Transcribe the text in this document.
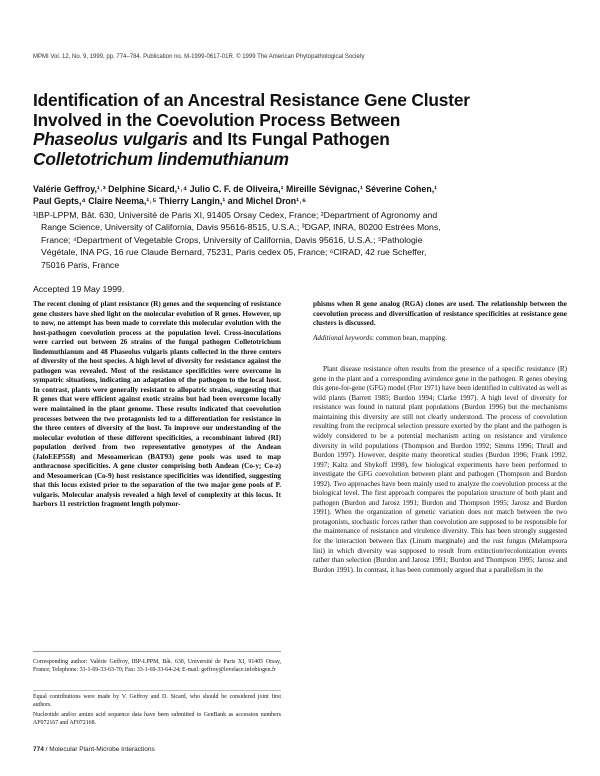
MPMI Vol. 12, No. 9, 1999, pp. 774–784. Publication no. M-1999-0617-01R. © 1999 The American Phytopathological Society
Identification of an Ancestral Resistance Gene Cluster
Involved in the Coevolution Process Between
Phaseolus vulgaris and Its Fungal Pathogen
Colletotrichum lindemuthianum
Valérie Geffroy,¹˒³ Delphine Sicard,¹˒⁴ Julio C. F. de Oliveira,¹ Mireille Sévignac,¹ Séverine Cohen,¹
Paul Gepts,⁴ Claire Neema,¹˒⁵ Thierry Langin,¹ and Michel Dron¹˒⁶
¹IBP-LPPM, Bât. 630, Université de Paris XI, 91405 Orsay Cedex, France; ²Department of Agronomy and
Range Science, University of California, Davis 95616-8515, U.S.A.; ³DGAP, INRA, 80200 Estrées Mons,
France; ⁴Department of Vegetable Crops, University of California, Davis 95616, U.S.A.; ⁵Pathologie
Végétale, INA PG, 16 rue Claude Bernard, 75231, Paris cedex 05, France; ⁶CIRAD, 42 rue Scheffer,
75016 Paris, France
Accepted 19 May 1999.

The recent cloning of plant resistance (R) genes and the sequencing of resistance gene clusters have shed light on the molecular evolution of R genes. However, up to now, no attempt has been made to correlate this molecular evolution with the host-pathogen coevolution process at the population level. Cross-inoculations were carried out between 26 strains of the fungal pathogen Colletotrichum lindemuthianum and 48 Phaseolus vulgaris plants collected in the three centers of diversity of the host species. A high level of diversity for resistance against the pathogen was revealed. Most of the resistance specificities were overcome in sympatric situations, indicating an adaptation of the pathogen to the local host. In contrast, plants were generally resistant to allopatric strains, suggesting that R genes that were efficient against exotic strains but had been overcome locally were maintained in the plant genome. These results indicated that coevolution processes between the two protagonists led to a differentiation for resistance in the three centers of diversity of the host. To improve our understanding of the molecular evolution of these different specificities, a recombinant inbred (RI) population derived from two representative genotypes of the Andean (JaloEEP558) and Mesoamerican (BAT93) gene pools was used to map anthracnose specificities. A gene cluster comprising both Andean (Co-y; Co-z) and Mesoamerican (Co-9) host resistance specificities was identified, suggesting that this locus existed prior to the separation of the two major gene pools of P. vulgaris. Molecular analysis revealed a high level of complexity at this locus. It harbors 11 restriction fragment length polymor-

Corresponding author: Valérie Geffroy, IBP-LPPM, Bât. 630, Université de Paris XI, 91405 Orsay, France; Telephone: 33-1-69-33-63-70; Fax: 33-1-69-33-64-24; E-mail: geffroy@lovelace.infobiogen.fr

Equal contributions were made by V. Geffroy and D. Sicard, who should be considered joint first authors.

Nucleotide and/or amino acid sequence data have been submitted to GenBank as accession numbers AF072167 and AF072168.

phisms when R gene analog (RGA) clones are used. The relationship between the coevolution process and diversification of resistance specificities at resistance gene clusters is discussed.

Additional keywords: common bean, mapping.

Plant disease resistance often results from the presence of a specific resistance (R) gene in the plant and a corresponding avirulence gene in the pathogen. R genes obeying this gene-for-gene (GFG) model (Flor 1971) have been identified in cultivated as well as wild plants (Barrett 1985; Burdon 1994; Clarke 1997). A high level of diversity for resistance was found in natural plant populations (Burdon 1996) but the mechanisms maintaining this diversity are still not clearly understood. The process of coevolution resulting from the reciprocal selection pressure exerted by the plant and the pathogen is widely considered to be a potential mechanism acting on resistance and virulence diversity in wild populations (Thompson and Burdon 1992; Simms 1996; Thrall and Burdon 1997). However, despite many theoretical studies (Burdon 1996; Frank 1992, 1997; Kaltz and Shykoff 1998), few biological experiments have been performed to investigate the GFG coevolution between plant and pathogen (Thompson and Burdon 1992). Two approaches have been mainly used to analyze the coevolution process at the biological level. The first approach compares the population structure of both plant and pathogen (Burdon and Jarosz 1991; Burdon and Thompson 1995; Jarosz and Burdon 1991). When the organization of genetic variation does not match between the two protagonists, stochastic forces rather than coevolution are supposed to be responsible for the maintenance of resistance and virulence diversity. This has been strongly suggested for the interaction between flax (Linum marginale) and the rust fungus (Melampsora lini) in which diversity was supposed to result from extinction/recolonization events rather than selection (Burdon and Jarosz 1991; Burdon and Thompson 1995; Jarosz and Burdon 1991). In contrast, it has been commonly argued that a parallelism in the

774 / Molecular Plant-Microbe Interactions
